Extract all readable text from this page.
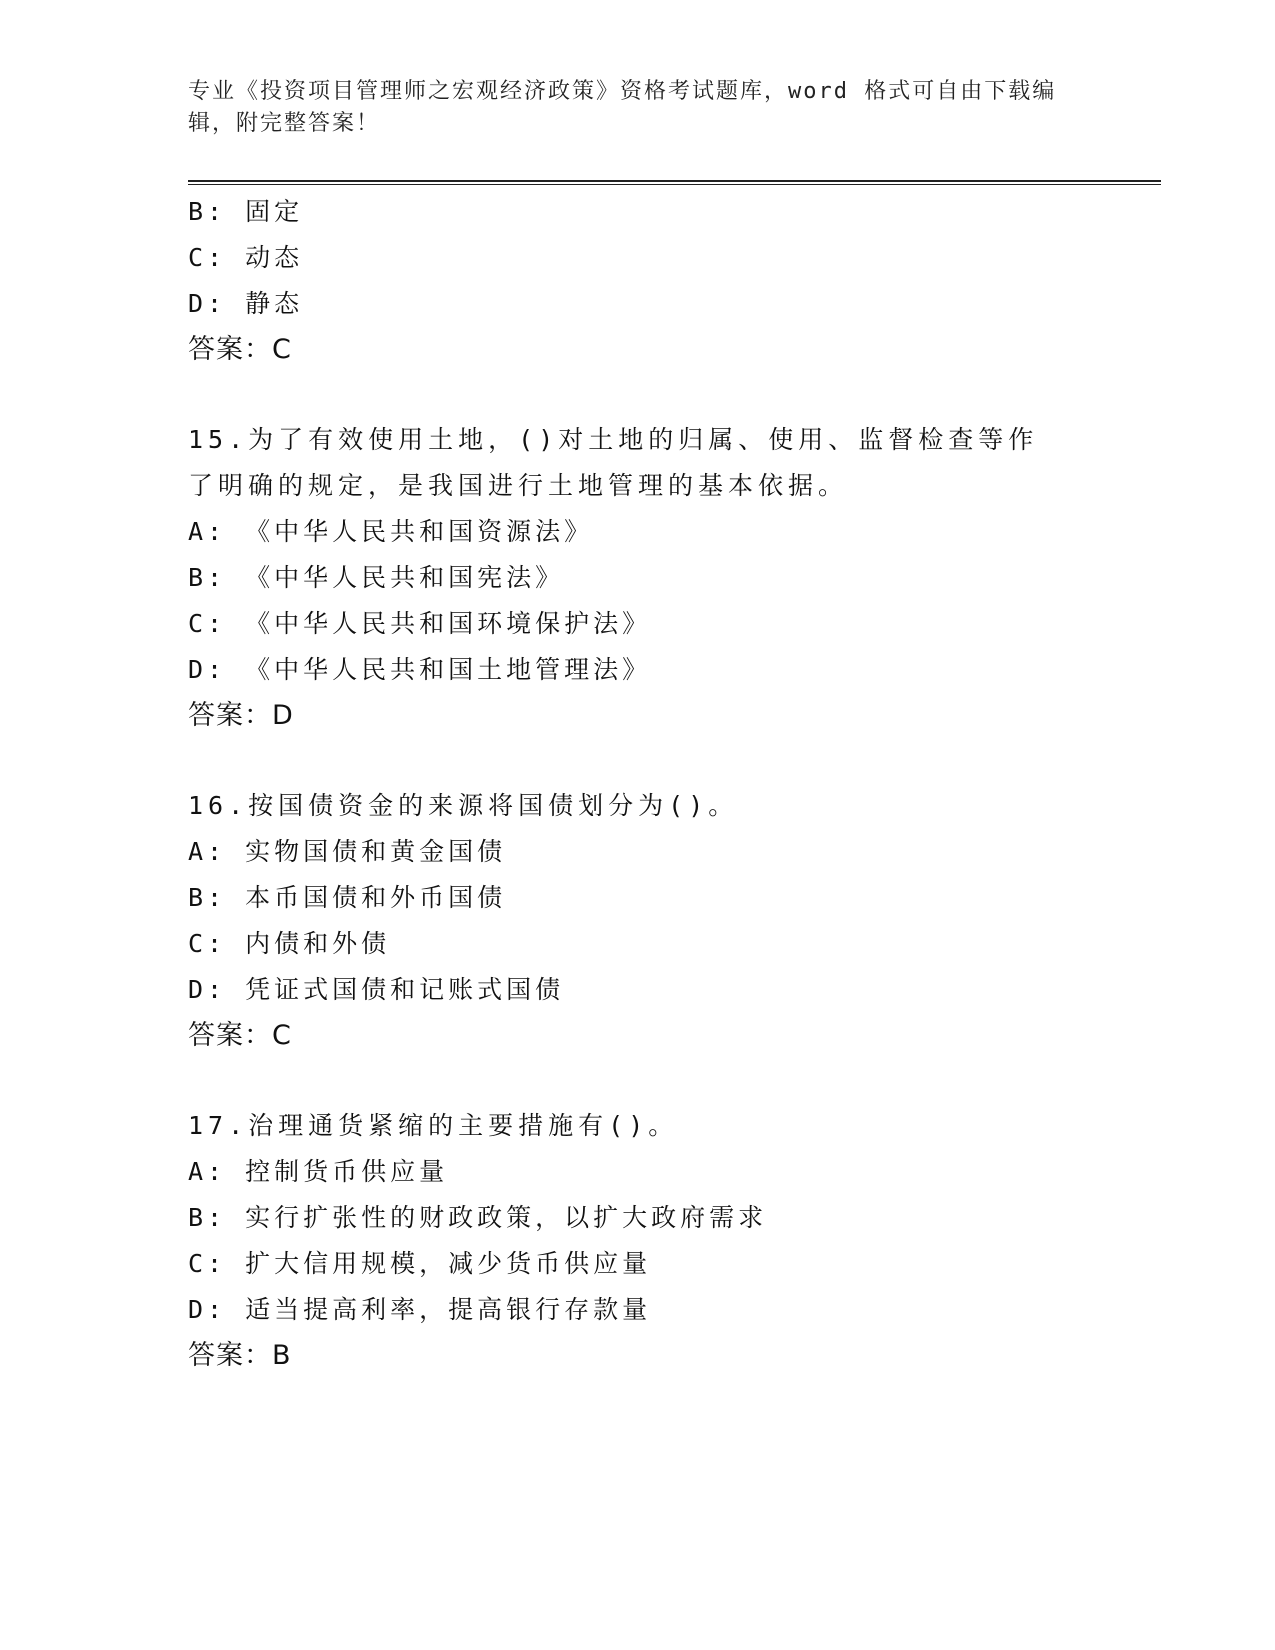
专业《投资项目管理师之宏观经济政策》资格考试题库，word 格式可自由下载编辑，附完整答案！
B: 固定
C: 动态
D: 静态
答案：C
15.为了有效使用土地，()对土地的归属、使用、监督检查等作了明确的规定，是我国进行土地管理的基本依据。
A: 《中华人民共和国资源法》
B: 《中华人民共和国宪法》
C: 《中华人民共和国环境保护法》
D: 《中华人民共和国土地管理法》
答案：D
16.按国债资金的来源将国债划分为()。
A: 实物国债和黄金国债
B: 本币国债和外币国债
C: 内债和外债
D: 凭证式国债和记账式国债
答案：C
17.治理通货紧缩的主要措施有()。
A: 控制货币供应量
B: 实行扩张性的财政政策，以扩大政府需求
C: 扩大信用规模，减少货币供应量
D: 适当提高利率，提高银行存款量
答案：B
